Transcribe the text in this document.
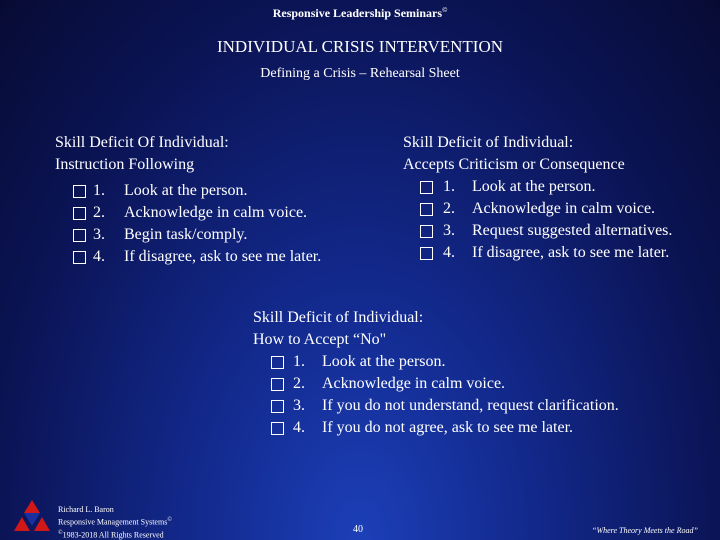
Responsive Leadership Seminars©
INDIVIDUAL CRISIS INTERVENTION
Defining a Crisis – Rehearsal Sheet
Skill Deficit Of Individual:
Instruction Following
1. Look at the person.
2. Acknowledge in calm voice.
3. Begin task/comply.
4. If disagree, ask to see me later.
Skill Deficit of Individual:
Accepts Criticism or Consequence
1. Look at the person.
2. Acknowledge in calm voice.
3. Request suggested alternatives.
4. If disagree, ask to see me later.
Skill Deficit of Individual:
How to Accept “No"
1. Look at the person.
2. Acknowledge in calm voice.
3. If you do not understand, request clarification.
4. If you do not agree, ask to see me later.
Richard L. Baron
Responsive Management Systems©
©1983-2018 All Rights Reserved	40	“Where Theory Meets the Road”
